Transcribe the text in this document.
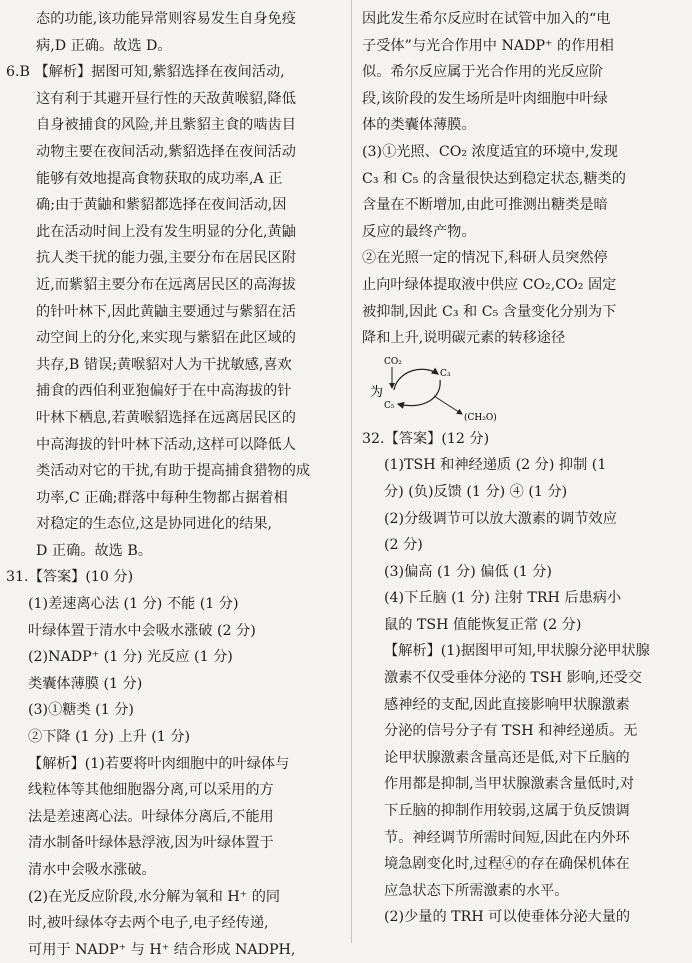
态的功能,该功能异常则容易发生自身免疫

病,D 正确。故选 D。

6.B 【解析】据图可知,紫貂选择在夜间活动,

这有利于其避开昼行性的天敌黄喉貂,降低

自身被捕食的风险,并且紫貂主食的啮齿目

动物主要在夜间活动,紫貂选择在夜间活动

能够有效地提高食物获取的成功率,A 正

确;由于黄鼬和紫貂都选择在夜间活动,因

此在活动时间上没有发生明显的分化,黄鼬

抗人类干扰的能力强,主要分布在居民区附

近,而紫貂主要分布在远离居民区的高海拔

的针叶林下,因此黄鼬主要通过与紫貂在活

动空间上的分化,来实现与紫貂在此区域的

共存,B 错误;黄喉貂对人为干扰敏感,喜欢

捕食的西伯利亚狍偏好于在中高海拔的针

叶林下栖息,若黄喉貂选择在远离居民区的

中高海拔的针叶林下活动,这样可以降低人

类活动对它的干扰,有助于提高捕食猎物的成

功率,C 正确;群落中每种生物都占据着相

对稳定的生态位,这是协同进化的结果,

D 正确。故选 B。

31.【答案】(10 分)

(1)差速离心法 (1 分) 不能 (1 分)

叶绿体置于清水中会吸水涨破 (2 分)

(2)NADP⁺ (1 分) 光反应 (1 分)

类囊体薄膜 (1 分)

(3)①糖类 (1 分)

②下降 (1 分) 上升 (1 分)

【解析】(1)若要将叶肉细胞中的叶绿体与

线粒体等其他细胞器分离,可以采用的方

法是差速离心法。叶绿体分离后,不能用

清水制备叶绿体悬浮液,因为叶绿体置于

清水中会吸水涨破。

(2)在光反应阶段,水分解为氧和 H⁺ 的同

时,被叶绿体夺去两个电子,电子经传递,

可用于 NADP⁺ 与 H⁺ 结合形成 NADPH,

因此发生希尔反应时在试管中加入的“电

子受体”与光合作用中 NADP⁺ 的作用相

似。希尔反应属于光合作用的光反应阶

段,该阶段的发生场所是叶肉细胞中叶绿

体的类囊体薄膜。

(3)①光照、CO₂ 浓度适宜的环境中,发现

C₃ 和 C₅ 的含量很快达到稳定状态,糖类的

含量在不断增加,由此可推测出糖类是暗

反应的最终产物。

②在光照一定的情况下,科研人员突然停

止向叶绿体提取液中供应 CO₂,CO₂ 固定

被抑制,因此 C₃ 和 C₅ 含量变化分别为下

降和上升,说明碳元素的转移途径

为
CO₂
C₃
C₅
(CH₂O)

32.【答案】(12 分)

(1)TSH 和神经递质 (2 分) 抑制 (1

分) (负)反馈 (1 分) ④ (1 分)

(2)分级调节可以放大激素的调节效应

(2 分)

(3)偏高 (1 分) 偏低 (1 分)

(4)下丘脑 (1 分) 注射 TRH 后患病小

鼠的 TSH 值能恢复正常 (2 分)

【解析】(1)据图甲可知,甲状腺分泌甲状腺

激素不仅受垂体分泌的 TSH 影响,还受交

感神经的支配,因此直接影响甲状腺激素

分泌的信号分子有 TSH 和神经递质。无

论甲状腺激素含量高还是低,对下丘脑的

作用都是抑制,当甲状腺激素含量低时,对

下丘脑的抑制作用较弱,这属于负反馈调

节。神经调节所需时间短,因此在内外环

境急剧变化时,过程④的存在确保机体在

应急状态下所需激素的水平。

(2)少量的 TRH 可以使垂体分泌大量的
